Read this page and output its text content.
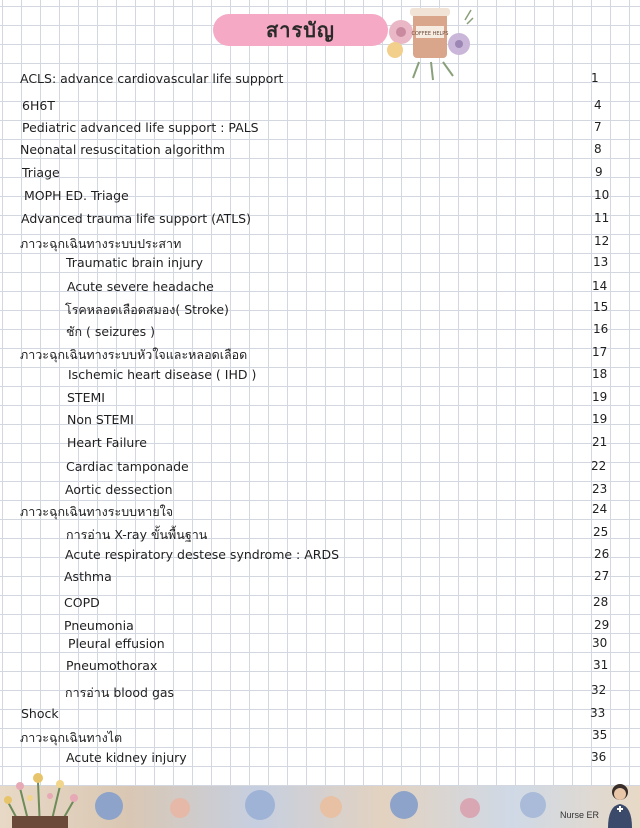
สารบัญ	COFFEE HELPS
ACLS: advance cardiovascular life support	1
6H6T	4
Pediatric advanced life support : PALS	7
Neonatal resuscitation algorithm	8
Triage	9
MOPH ED. Triage	10
Advanced trauma life support (ATLS)	11
ภาวะฉุกเฉินทางระบบประสาท	12
Traumatic brain injury	13
Acute severe headache	14
โรคหลอดเลือดสมอง( Stroke)	15
ชัก ( seizures )	16
ภาวะฉุกเฉินทางระบบหัวใจและหลอดเลือด	17
Ischemic heart disease ( IHD )	18
STEMI	19
Non STEMI	19
Heart Failure	21
Cardiac tamponade	22
Aortic dessection	23
ภาวะฉุกเฉินทางระบบหายใจ	24
การอ่าน X-ray ขั้นพื้นฐาน	25
Acute respiratory destese syndrome : ARDS	26
Asthma	27
COPD	28
Pneumonia	29
Pleural effusion	30
Pneumothorax	31
การอ่าน blood gas	32
Shock	33
ภาวะฉุกเฉินทางไต	35
Acute kidney injury	36
Nurse ER
